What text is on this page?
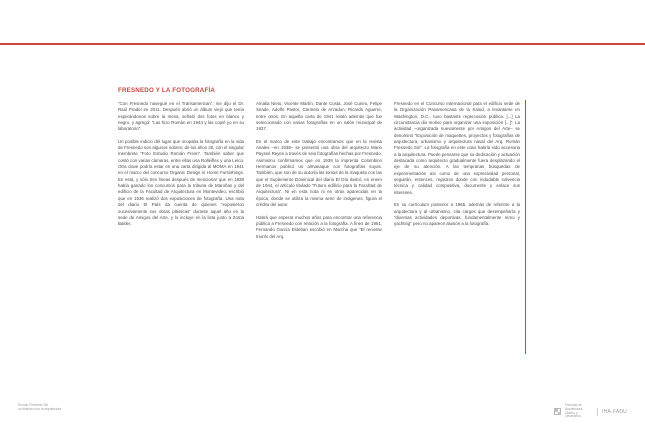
FRESNEDO Y LA FOTOGRAFÍA

“Con Fresnedo navegué en el Transamerican”, me dijo el Dr. Raúl Pradel en 2011. Después abrió un álbum viejo que tenía esperándonos sobre la mesa, señaló dos fotos en blanco y negro, y agregó: “Las hizo Román en 1944 y las copié yo en su laboratorio”.

Un posible indicio del lugar que ocupaba la fotografía en la vida de Fresnedo son algunos sobres, de los años 30, con el singular membrete “Foto Estudio Román Fresn”. También saber que contó con varias cámaras, entre ellas una Rolleiflex y una Leica. Otra clave podría estar en una carta dirigida al MOMA en 1941 en el marco del concurso Organic Design in Home Furnishings. En esta, y sólo tres líneas después de mencionar que en 1938 había ganado los concursos para la tribuna de Maroñas y del edificio de la Facultad de Arquitectura en Montevideo, escribió que en 1936 realizó dos exposiciones de fotografía. Una nota del diario El País da cuenta de quienes “expusieron sucesivamente sus obras plásticas” durante aquel año en la sede de Amigos del Arte, y lo incluye en la lista junto a Zoma Baitler,

Amalia Nieto, Vicente Martín, Dante Costa, José Cuneo, Felipe Seade, Adolfo Pastor, Carmelo de Arzadun, Ricardo Aguerre, entre otros. En aquella carta de 1941 relató además que fue seleccionado con varias fotografías en un salón municipal de 1937.

En el marco de este trabajo encontramos que en la revista Anales –en 1938– se presentó una obra del arquitecto Mario Payssé Reyes a través de seis fotografías hechas por Fresnedo. Asimismo confirmamos que en 1939 la imprenta Colombino Hermanos publicó un almanaque con fotografías suyas. También, que son de su autoría las tomas de la maqueta con las que el Suplemento Dominical del diario El Día ilustró, en enero de 1944, el artículo titulado “Futuro edificio para la Facultad de Arquitectura”. Ni en esta nota ni en otras aparecidas en la época, donde se utiliza la misma serie de imágenes, figura el crédito del autor.

Habrá que esperar muchos años para encontrar una referencia pública a Fresnedo con relación a la fotografía. A fines de 1961, Fernando García Esteban escribió en Marcha que “El reciente triunfo del Arq.

Fresnedo en el Concurso Internacional para el edificio sede de la Organización Panamericana de la Salud, a levantarse en Washington, D.C., tuvo bastante repercusión pública. [...] La circunstancia dio motivo para organizar una exposición [...]”. La actividad –organizada nuevamente por Amigos del Arte– se denominó “Exposición de maquettes, proyectos y fotografías de arquitectura, urbanismo y arquitectura naval del Arq. Román Fresnedo Siri”. La fotografía en este caso habría sido accesoria a la arquitectura. Puede pensarse que su dedicación y actuación destacada como arquitecto gradualmente fuera desplazando el eje de su atención. A las tempranas búsquedas de experimentación así como de una expresividad personal, seguirán, entonces, registros donde con indudable solvencia técnica y calidad compositiva, documente y enlace sus intereses.

En su currículum posterior a 1965, además de referirse a la arquitectura y al urbanismo, cita cargos que desempeñaría y “diversas actividades deportivas, fundamentalmente remo y yachting” pero no aparece alusión a la fotografía.

Román Fresnedo Siri
un itinerario por la arquitectura
Facultad de Arquitectura, Diseño y Urbanismo
IHA·FADU
